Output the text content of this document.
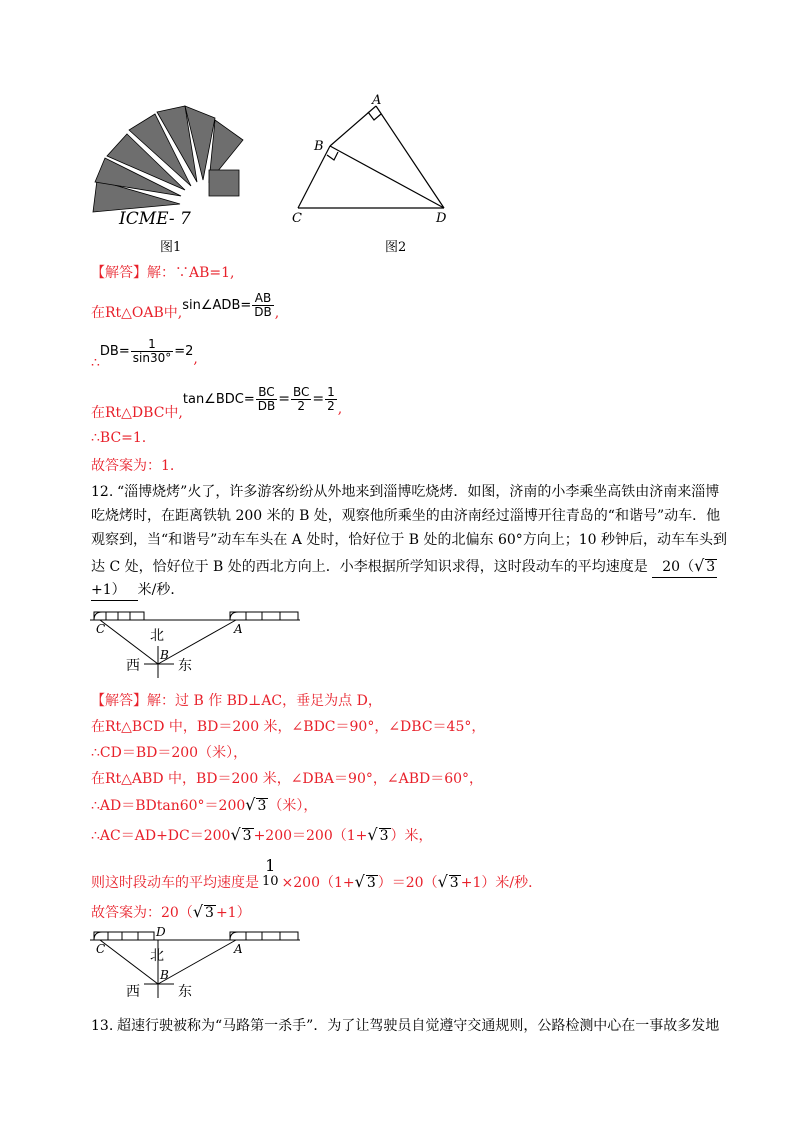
ICME- 7
图1
A
B
C	D
图2
【解答】解：∵AB=1,
在Rt△OAB中,sin∠ADB= $\frac{AB}{DB}$ ,
∴DB= $\frac{1}{\sin 30^\circ} =2$,
在Rt△DBC中,tan∠BDC= $\frac{BC}{DB} = \frac{BC}{2} = \frac{1}{2}$ ,
∴BC=1.
故答案为：1.
12. “淄博烧烤”火了，许多游客纷纷从外地来到淄博吃烧烤．如图，济南的小李乘坐高铁由济南来淄博
吃烧烤时，在距离铁轨 200 米的 B 处，观察他所乘坐的由济南经过淄博开往青岛的“和谐号”动车．他
观察到，当“和谐号”动车车头在 A 处时，恰好位于 B 处的北偏东 60°方向上；10 秒钟后，动车车头到
达 C 处，恰好位于 B 处的西北方向上．小李根据所学知识求得，这时段动车的平均速度是 20（√ 3
+1） 米/秒．
C	A
北
B
西	东
【解答】解：过 B 作 BD⊥AC，垂足为点 D，
在Rt△BCD 中，BD＝200 米，∠BDC＝90°，∠DBC＝45°，
∴CD＝BD＝200（米），
在Rt△ABD 中，BD＝200 米，∠DBA＝90°，∠ABD＝60°，
∴AD＝BDtan60°＝200√ 3 （米），
∴AC＝AD+DC＝200√ 3 +200＝200（1+√ 3 ）米，
则这时段动车的平均速度是
1
10 ×200（1+√ 3 ）＝20（√ 3 +1）米/秒．
故答案为：20（√ 3 +1）
D
C	A
北
B
西	东
13. 超速行驶被称为“马路第一杀手”．为了让驾驶员自觉遵守交通规则，公路检测中心在一事故多发地
